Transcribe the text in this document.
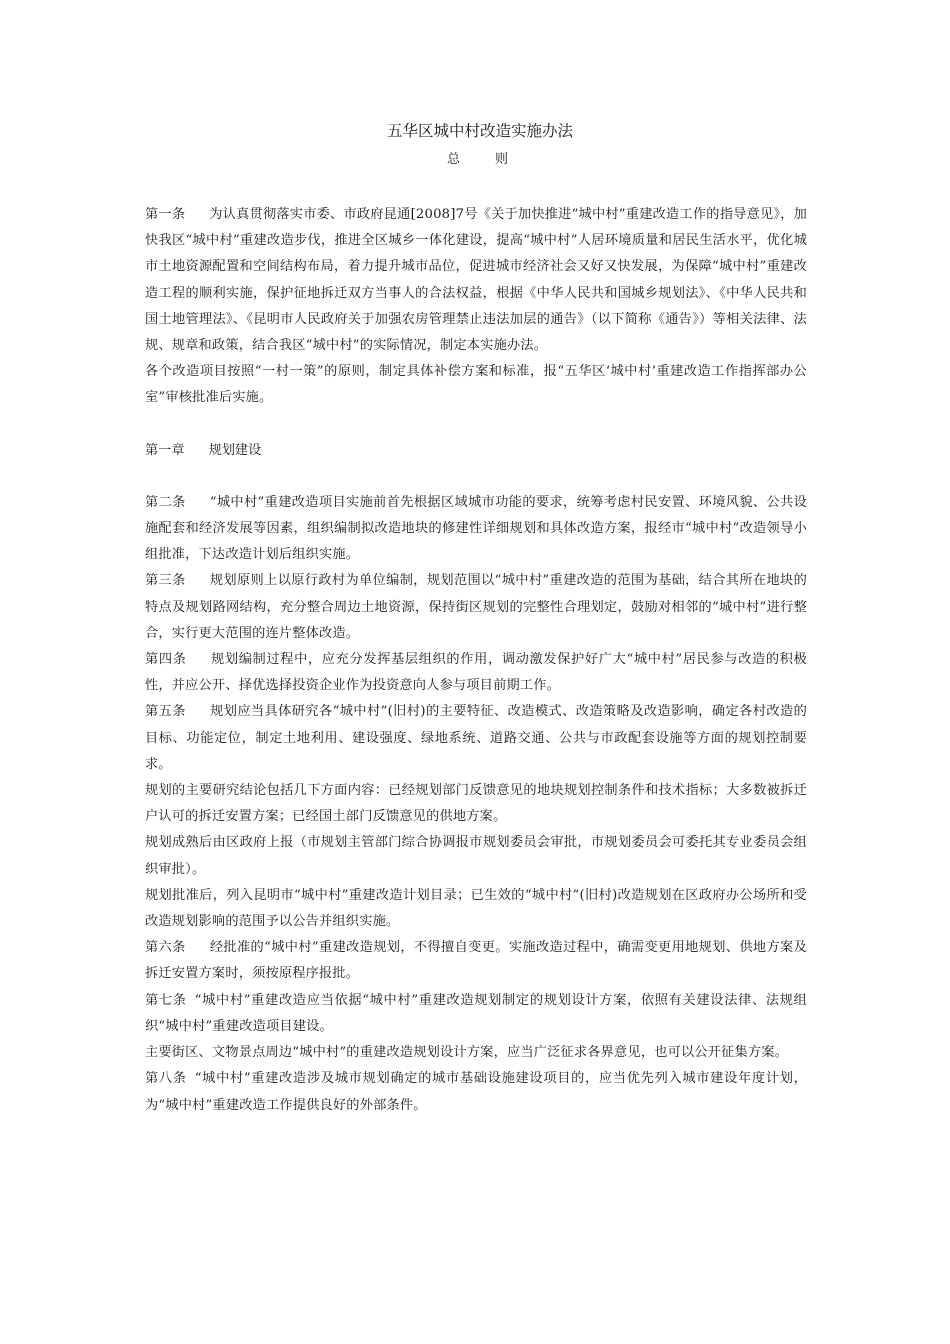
五华区城中村改造实施办法

总	则

第一条 为认真贯彻落实市委、市政府昆通[2008]7号《关于加快推进“城中村”重建改造工作的指导意见》，加快我区“城中村”重建改造步伐，推进全区城乡一体化建设，提高“城中村”人居环境质量和居民生活水平，优化城市土地资源配置和空间结构布局，着力提升城市品位，促进城市经济社会又好又快发展，为保障“城中村”重建改造工程的顺利实施，保护征地拆迁双方当事人的合法权益，根据《中华人民共和国城乡规划法》、《中华人民共和国土地管理法》、《昆明市人民政府关于加强农房管理禁止违法加层的通告》（以下简称《通告》）等相关法律、法规、规章和政策，结合我区“城中村”的实际情况，制定本实施办法。

各个改造项目按照“一村一策”的原则，制定具体补偿方案和标准，报“五华区‘城中村’重建改造工作指挥部办公室”审核批准后实施。

第一章 规划建设

第二条 “城中村”重建改造项目实施前首先根据区域城市功能的要求，统筹考虑村民安置、环境风貌、公共设施配套和经济发展等因素，组织编制拟改造地块的修建性详细规划和具体改造方案，报经市“城中村”改造领导小组批准，下达改造计划后组织实施。

第三条 规划原则上以原行政村为单位编制，规划范围以“城中村”重建改造的范围为基础，结合其所在地块的特点及规划路网结构，充分整合周边土地资源，保持街区规划的完整性合理划定，鼓励对相邻的“城中村”进行整合，实行更大范围的连片整体改造。

第四条 规划编制过程中，应充分发挥基层组织的作用，调动激发保护好广大“城中村”居民参与改造的积极性，并应公开、择优选择投资企业作为投资意向人参与项目前期工作。

第五条 规划应当具体研究各“城中村”(旧村)的主要特征、改造模式、改造策略及改造影响，确定各村改造的目标、功能定位，制定土地利用、建设强度、绿地系统、道路交通、公共与市政配套设施等方面的规划控制要求。

规划的主要研究结论包括几下方面内容：已经规划部门反馈意见的地块规划控制条件和技术指标；大多数被拆迁户认可的拆迁安置方案；已经国土部门反馈意见的供地方案。

规划成熟后由区政府上报（市规划主管部门综合协调报市规划委员会审批，市规划委员会可委托其专业委员会组织审批）。

规划批准后，列入昆明市“城中村”重建改造计划目录；已生效的“城中村”(旧村)改造规划在区政府办公场所和受改造规划影响的范围予以公告并组织实施。

第六条 经批准的“城中村”重建改造规划，不得擅自变更。实施改造过程中，确需变更用地规划、供地方案及拆迁安置方案时，须按原程序报批。

第七条 “城中村”重建改造应当依据“城中村”重建改造规划制定的规划设计方案，依照有关建设法律、法规组织“城中村”重建改造项目建设。

主要街区、文物景点周边“城中村”的重建改造规划设计方案，应当广泛征求各界意见，也可以公开征集方案。

第八条 “城中村”重建改造涉及城市规划确定的城市基础设施建设项目的，应当优先列入城市建设年度计划，为“城中村”重建改造工作提供良好的外部条件。
